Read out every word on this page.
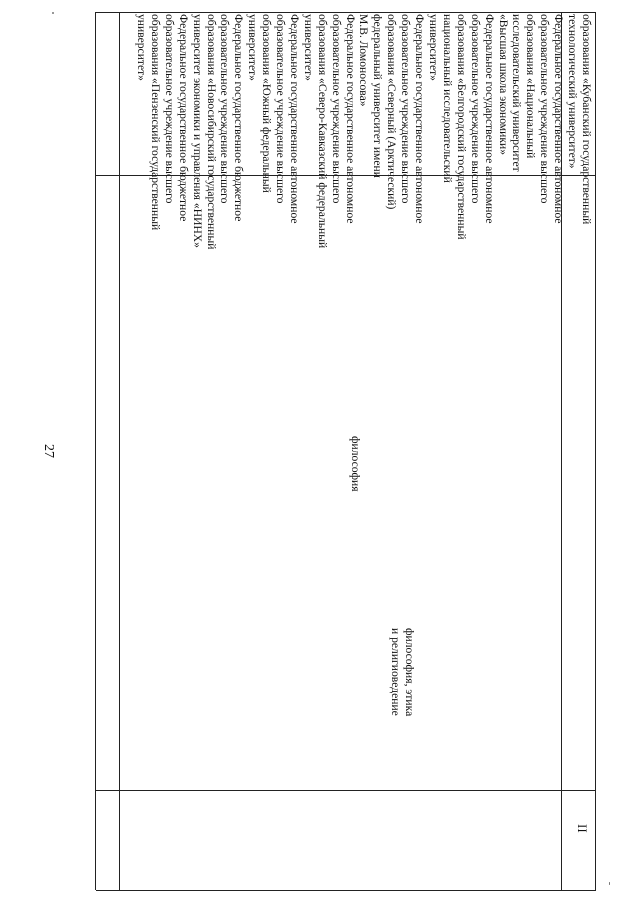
27
образования «Кубанский государственный
технологический университет»
Федеральное государственное автономное
образовательное учреждение высшего
образования «Национальный
исследовательский университет
«Высшая школа экономики»
Федеральное государственное автономное
образовательное учреждение высшего
образования «Белгородский государственный
национальный исследовательский
университет»
Федеральное государственное автономное
образовательное учреждение высшего
образования «Северный (Арктический)
федеральный университет имени
М.В. Ломоносова»
Федеральное государственное автономное
образовательное учреждение высшего
образования «Северо-Кавказский федеральный
университет»
Федеральное государственное автономное
образовательное учреждение высшего
образования «Южный федеральный
университет»
Федеральное государственное бюджетное
образовательное учреждение высшего
образования «Новосибирский государственный
университет экономики и управления «НИНХ»
Федеральное государственное бюджетное
образовательное учреждение высшего
образования «Пензенский государственный
университет»
философия
философия, этика
и религиоведение
II
